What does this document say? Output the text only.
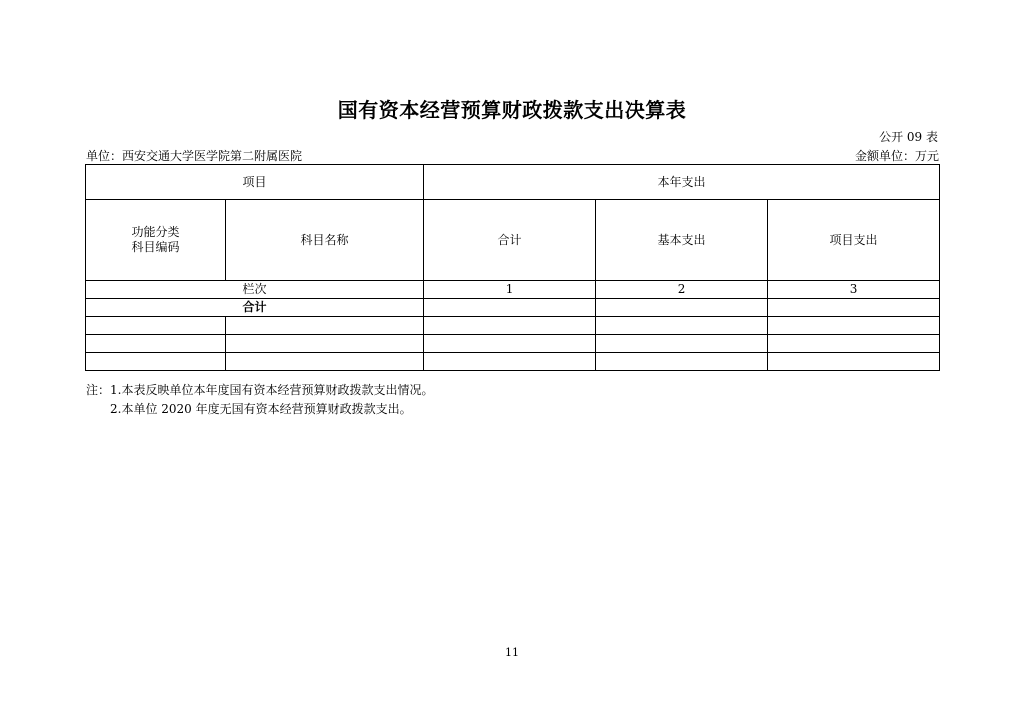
国有资本经营预算财政拨款支出决算表
公开 09 表
单位：西安交通大学医学院第二附属医院	金额单位：万元
项目		本年支出		
功能分类
科目编码	科目名称	合计	基本支出	项目支出
栏次		1	2	3
合计				

注：1.本表反映单位本年度国有资本经营预算财政拨款支出情况。
2.本单位 2020 年度无国有资本经营预算财政拨款支出。
11
